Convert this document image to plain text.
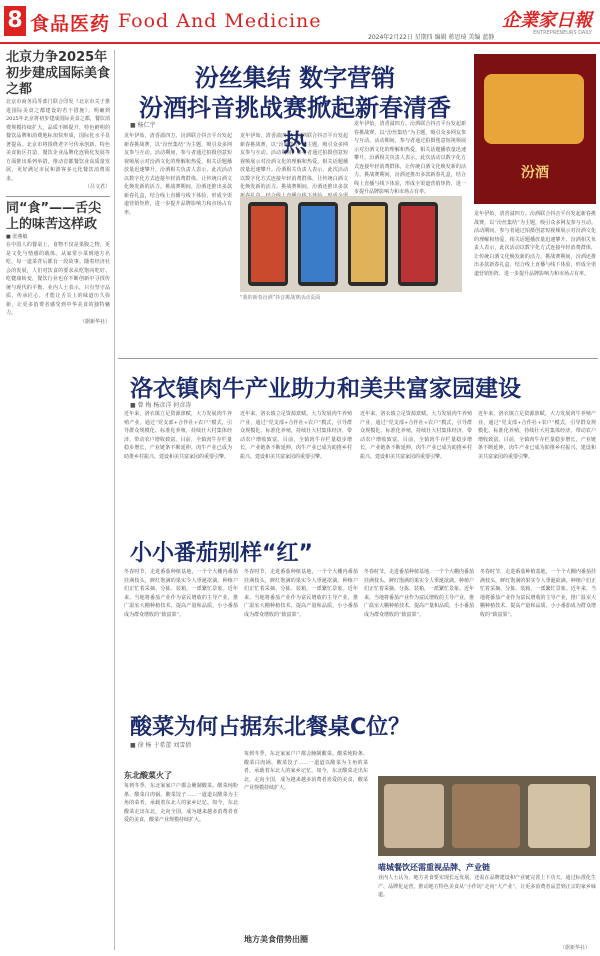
8 食品医药 Food And Medicine	企業家日報
2024年2月22日 星期四 编辑 蒋思琦 美编 蓝静
ENTREPRENEURS DAILY
北京力争2025年初步建成国际美食之都
北京市商务局等部门联合印发《北京市关于推进国际美食之都建设的若干措施》，明确到2025年北京将初步建成国际美食之都，餐饮消费规模持续扩大，品质不断提升，特色鲜明的餐饮品牌和消费地标加快形成，国际化水平显著提高。北京市将围绕老字号传承创新、特色美食街区打造、餐饮企业品牌化连锁化发展等方面推出系列举措，推动首都餐饮业高质量发展，更好满足市民和游客多元化餐饮消费需求。
（吕文君）
同“食”——舌尖上的味苦这样政
■ 张燕敏
在中国人的餐桌上，食物不仅是果腹之物，更是文化与情感的载体。从家常小菜到地方名吃，每一道菜背后都有一段故事。随着经济社会的发展，人们对饮食的要求从吃饱向吃好、吃健康转变，餐饮行业也在不断创新中寻找传统与现代的平衡。业内人士表示，只有坚守品质、传承匠心，才能让舌尖上的味道历久弥新，让更多消费者感受到中华美食的独特魅力。
（据新华社）
汾丝集结 数字营销
汾酒抖音挑战赛掀起新春清香热
■ 杨仁宇
龙年伊始，清香溢四方。汾酒联合抖音平台发起新春挑战赛，以“汾丝集结”为主题，吸引众多网友参与互动。活动期间，参与者通过拍摄创意短视频展示对汾酒文化的理解和热爱，相关话题播放量迅速攀升。汾酒相关负责人表示，此次活动以数字化方式连接年轻消费群体，让传统白酒文化焕发新的活力。挑战赛期间，汾酒还推出多款新春礼盒，结合线上直播与线下体验，形成全渠道营销矩阵，进一步提升品牌影响力和市场占有率。
龙年伊始，清香溢四方。汾酒联合抖音平台发起新春挑战赛，以“汾丝集结”为主题，吸引众多网友参与互动。活动期间，参与者通过拍摄创意短视频展示对汾酒文化的理解和热爱，相关话题播放量迅速攀升。汾酒相关负责人表示，此次活动以数字化方式连接年轻消费群体，让传统白酒文化焕发新的活力。挑战赛期间，汾酒还推出多款
龙年伊始，清香溢四方。汾酒联合抖音平台发起新春挑战赛，以“汾丝集结”为主题，吸引众多网友参与互动。活动期间，参与者通过拍摄创意短视频展示对汾酒文化的理解和热爱，相关话题播放量迅速攀升。汾酒相关负责人表示，此次活动以数字化方式连接年轻消费群体，让传统白酒文化焕发新的活力。挑战赛期间，汾酒还推出多款新春礼盒，结合线上直播与线下体验，形成全渠道营销矩阵，进一步提升品牌影响力和市场占有率。
汾酒
龙年伊始，清香溢四方。汾酒联合抖音平台发起新春挑战赛，以“汾丝集结”为主题，吸引众多网友参与互动。活动期间，参与者通过拍摄创意短视频展示对汾酒文化的理解和热爱，相关话题播放量迅速攀升。汾酒相关负责人表示，此次活动以数字化方式连接年轻消费群体，让传统白酒文化焕发新的活力。挑战赛期间，汾酒还推出多款新春礼盒，结合线上直播与线下体验，形成全渠道营销矩阵，进一步提升品牌影响力和市场占有率。
“我的新春汾酒”抖音挑战赛活动页面
洛衣镇肉牛产业助力和美共富家园建设
■ 曾 梅 杨彦洋 何彦涛
近年来，洛衣镇立足资源禀赋，大力发展肉牛养殖产业，通过“党支部+合作社+农户”模式，引导群众规模化、标准化养殖，持续壮大村集体经济，带动农户增收致富。目前，全镇肉牛存栏量稳步增长，产业链条不断延伸，肉牛产业已成为助推乡村振兴、建设和美共富家园的重要引擎。
近年来，洛衣镇立足资源禀赋，大力发展肉牛养殖产业，通过“党支部+合作社+农户”模式，引导群众规模化、标准化养殖，持续壮大村集体经济，带动农户增收致富。目前，全镇肉牛存栏量稳步增长，产业链条不断延伸，肉牛产业已成为助推乡村振兴、建设和美共富家园的重要引擎。
近年来，洛衣镇立足资源禀赋，大力发展肉牛养殖产业，通过“党支部+合作社+农户”模式，引导群众规模化、标准化养殖，持续壮大村集体经济，带动农户增收致富。目前，全镇肉牛存栏量稳步增长，产业链条不断延伸，肉牛产业已成为助推乡村振兴、建设和美共富家园的重要引擎。
近年来，洛衣镇立足资源禀赋，大力发展肉牛养殖产业，通过“党支部+合作社+农户”模式，引导群众规模化、标准化养殖，持续壮大村集体经济，带动农户增收致富。目前，全镇肉牛存栏量稳步增长，产业链条不断延伸，肉牛产业已成为助推乡村振兴、建设和美共富家园的重要引擎。
小小番茄别样“红”
冬春时节，走进番茄种植基地，一个个大棚内番茄挂满枝头，鲜红饱满的果实令人垂涎欲滴。种植户们正忙着采摘、分拣、装箱，一派繁忙景象。近年来，当地将番茄产业作为富民增收的主导产业，推广温室大棚种植技术，提高产量和品质，小小番茄成为群众增收的“致富果”。
冬春时节，走进番茄种植基地，一个个大棚内番茄挂满枝头，鲜红饱满的果实令人垂涎欲滴。种植户们正忙着采摘、分拣、装箱，一派繁忙景象。近年来，当地将番茄产业作为富民增收的主导产业，推广温室大棚种植技术，提高产量和品质，小小番茄成为群众增收的“致富果”。
冬春时节，走进番茄种植基地，一个个大棚内番茄挂满枝头，鲜红饱满的果实令人垂涎欲滴。种植户们正忙着采摘、分拣、装箱，一派繁忙景象。近年来，当地将番茄产业作为富民增收的主导产业，推广温室大棚种植技术，提高产量和品质，小小番茄成为群众增收的“致富果”。
冬春时节，走进番茄种植基地，一个个大棚内番茄挂满枝头，鲜红饱满的果实令人垂涎欲滴。种植户们正忙着采摘、分拣、装箱，一派繁忙景象。近年来，当地将番茄产业作为富民增收的主导产业，推广温室大棚种植技术，提高产量和品质，小小番茄成为群众增收的“致富果”。
酸菜为何占据东北餐桌C位？
■ 徐 杨 于希蕾 刘雪倩
东北酸菜火了
每到冬季，东北家家户户都会腌制酸菜。酸菜炖粉条、酸菜白肉锅、酸菜饺子……一道道以酸菜为主角的菜肴，承载着东北人的家乡记忆。如今，东北酸菜走出东北，走向全国，成为越来越多消费者喜爱的美食，酸菜产业规模持续扩大。
每到冬季，东北家家户户都会腌制酸菜。酸菜炖粉条、酸菜白肉锅、酸菜饺子……一道道以酸菜为主角的菜肴，承载着东北人的家乡记忆。如今，东北酸菜走出东北，走向全国，成为越来越多消费者喜爱的美食，酸菜产业规模持续扩大。
地方美食借势出圈
喵城餐饮还需重视品牌、产业链
业内人士认为，地方美食要实现长远发展，还需在品牌建设和产业链完善上下功夫。通过标准化生产、品牌化运营，推动地方特色美食从“小作坊”走向“大产业”，让更多消费者品尝到正宗的家乡味道。
（据新华社）
